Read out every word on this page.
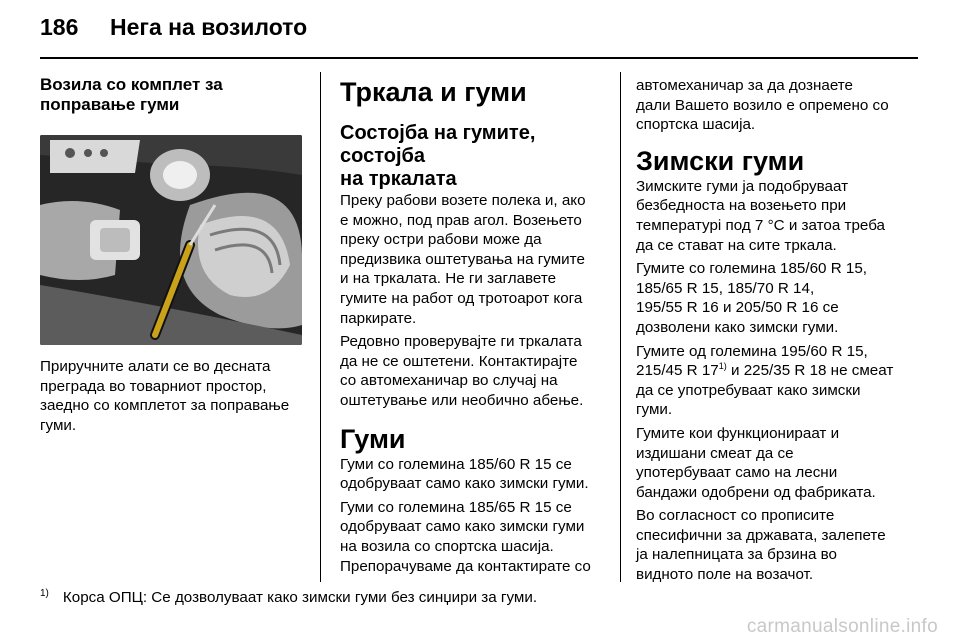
186 Нега на возилото
Возила со комплет за
поправање гуми

Приручните алати се во десната
преграда во товарниот простор,
заедно со комплетот за поправање
гуми.

Тркала и гуми
Состојба на гумите, состојба
на тркалата

Преку рабови возете полека и, ако
е можно, под прав агол. Возењето
преку остри рабови може да
предизвика оштетувања на гумите
и на тркалата. Не ги заглавете
гумите на работ од тротоарот кога
паркирате.

Редовно проверувајте ги тркалата
да не се оштетени. Контактирајте
со автомеханичар во случај на
оштетување или необично абење.

Гуми

Гуми со големина 185/60 R 15 се
одобруваат само како зимски гуми.

Гуми со големина 185/65 R 15 се
одобруваат само како зимски гуми
на возила со спортска шасија.
Препорачуваме да контактирате со

автомеханичар за да дознаете
дали Вашето возило е опремено со
спортска шасија.

Зимски гуми

Зимските гуми ја подобруваат
безбедноста на возењето при
температурі под 7 °C и затоа треба
да се стават на сите тркала.

Гумите со големина 185/60 R 15,
185/65 R 15, 185/70 R 14,
195/55 R 16 и 205/50 R 16 се
дозволени како зимски гуми.

Гумите од големина 195/60 R 15,
215/45 R 17$^{1)}$ и 225/35 R 18 не смеат
да се употребуваат како зимски
гуми.

Гумите кои функционираат и
издишани смеат да се
употербуваат само на лесни
бандажи одобрени од фабриката.

Во согласност со прописите
спесифични за државата, залепете
ја налепницата за брзина во
видното поле на возачот.

$^{1)}$ Корса ОПЦ: Се дозволуваат како зимски гуми без синџири за гуми.
carmanualsonline.info
